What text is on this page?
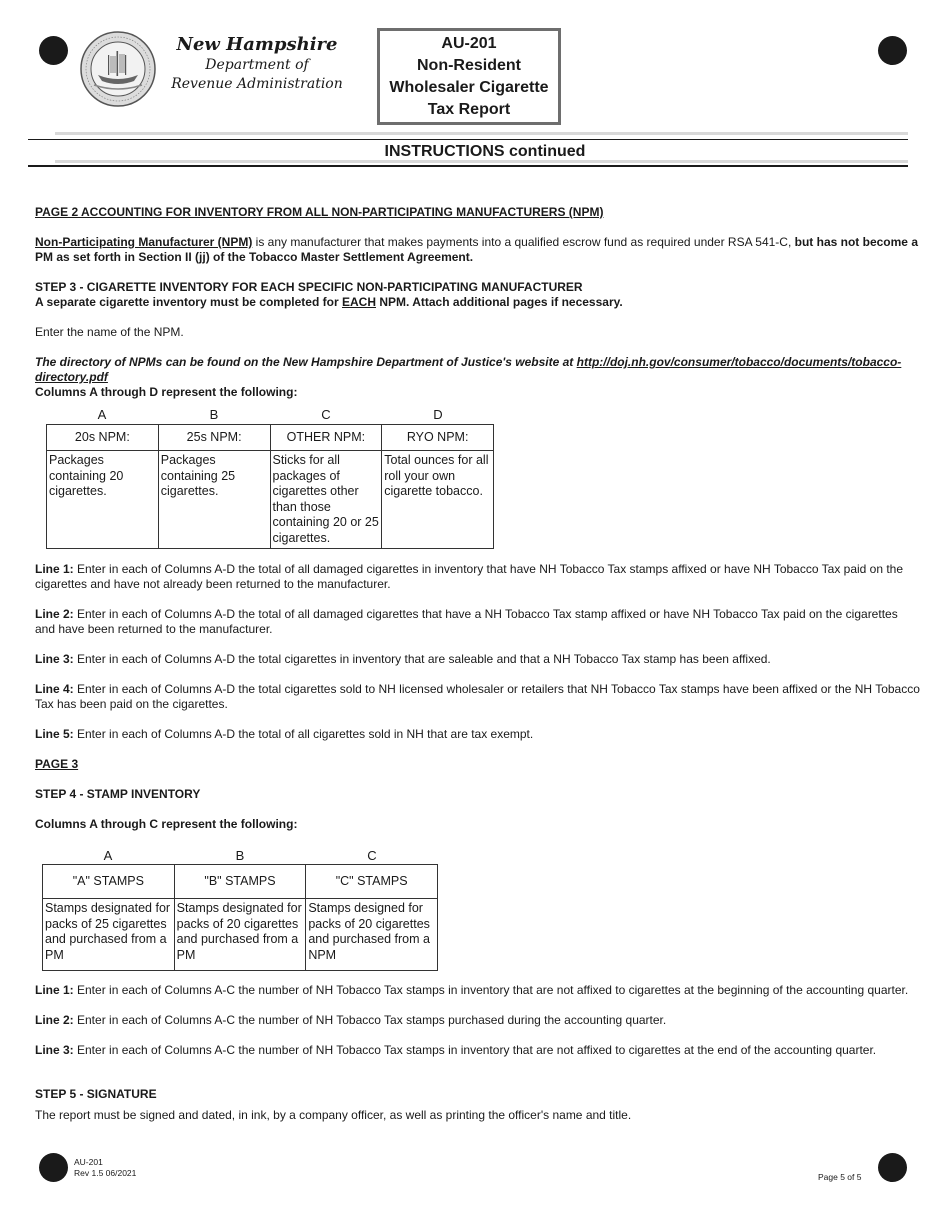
New Hampshire
Department of
Revenue Administration
AU-201
Non-Resident
Wholesaler Cigarette
Tax Report
INSTRUCTIONS continued
PAGE 2 ACCOUNTING FOR INVENTORY FROM ALL NON-PARTICIPATING MANUFACTURERS (NPM)
Non-Participating Manufacturer (NPM) is any manufacturer that makes payments into a qualified escrow fund as required under RSA 541-C, but has not become a PM as set forth in Section II (jj) of the Tobacco Master Settlement Agreement.
STEP 3 - CIGARETTE INVENTORY FOR EACH SPECIFIC NON-PARTICIPATING MANUFACTURER
A separate cigarette inventory must be completed for EACH NPM. Attach additional pages if necessary.
Enter the name of the NPM.
The directory of NPMs can be found on the New Hampshire Department of Justice's website at http://doj.nh.gov/consumer/tobacco/documents/tobacco-directory.pdf
Columns A through D represent the following:
A	B	C	D
20s NPM:	25s NPM:	OTHER NPM:	RYO NPM:
Packages containing 20 cigarettes.	Packages containing 25 cigarettes.	Sticks for all packages of cigarettes other than those containing 20 or 25 cigarettes.	Total ounces for all roll your own cigarette tobacco.
Line 1: Enter in each of Columns A-D the total of all damaged cigarettes in inventory that have NH Tobacco Tax stamps affixed or have NH Tobacco Tax paid on the cigarettes and have not already been returned to the manufacturer.
Line 2: Enter in each of Columns A-D the total of all damaged cigarettes that have a NH Tobacco Tax stamp affixed or have NH Tobacco Tax paid on the cigarettes and have been returned to the manufacturer.
Line 3: Enter in each of Columns A-D the total cigarettes in inventory that are saleable and that a NH Tobacco Tax stamp has been affixed.
Line 4: Enter in each of Columns A-D the total cigarettes sold to NH licensed wholesaler or retailers that NH Tobacco Tax stamps have been affixed or the NH Tobacco Tax has been paid on the cigarettes.
Line 5: Enter in each of Columns A-D the total of all cigarettes sold in NH that are tax exempt.
PAGE 3
STEP 4 - STAMP INVENTORY
Columns A through C represent the following:
A	B	C
"A" STAMPS	"B" STAMPS	"C" STAMPS
Stamps designated for packs of 25 cigarettes and purchased from a PM	Stamps designated for packs of 20 cigarettes and purchased from a PM	Stamps designed for packs of 20 cigarettes and purchased from a NPM
Line 1: Enter in each of Columns A-C the number of NH Tobacco Tax stamps in inventory that are not affixed to cigarettes at the beginning of the accounting quarter.
Line 2: Enter in each of Columns A-C the number of NH Tobacco Tax stamps purchased during the accounting quarter.
Line 3: Enter in each of Columns A-C the number of NH Tobacco Tax stamps in inventory that are not affixed to cigarettes at the end of the accounting quarter.
STEP 5 - SIGNATURE
The report must be signed and dated, in ink, by a company officer, as well as printing the officer's name and title.
AU-201
Rev 1.5 06/2021	Page 5 of 5
